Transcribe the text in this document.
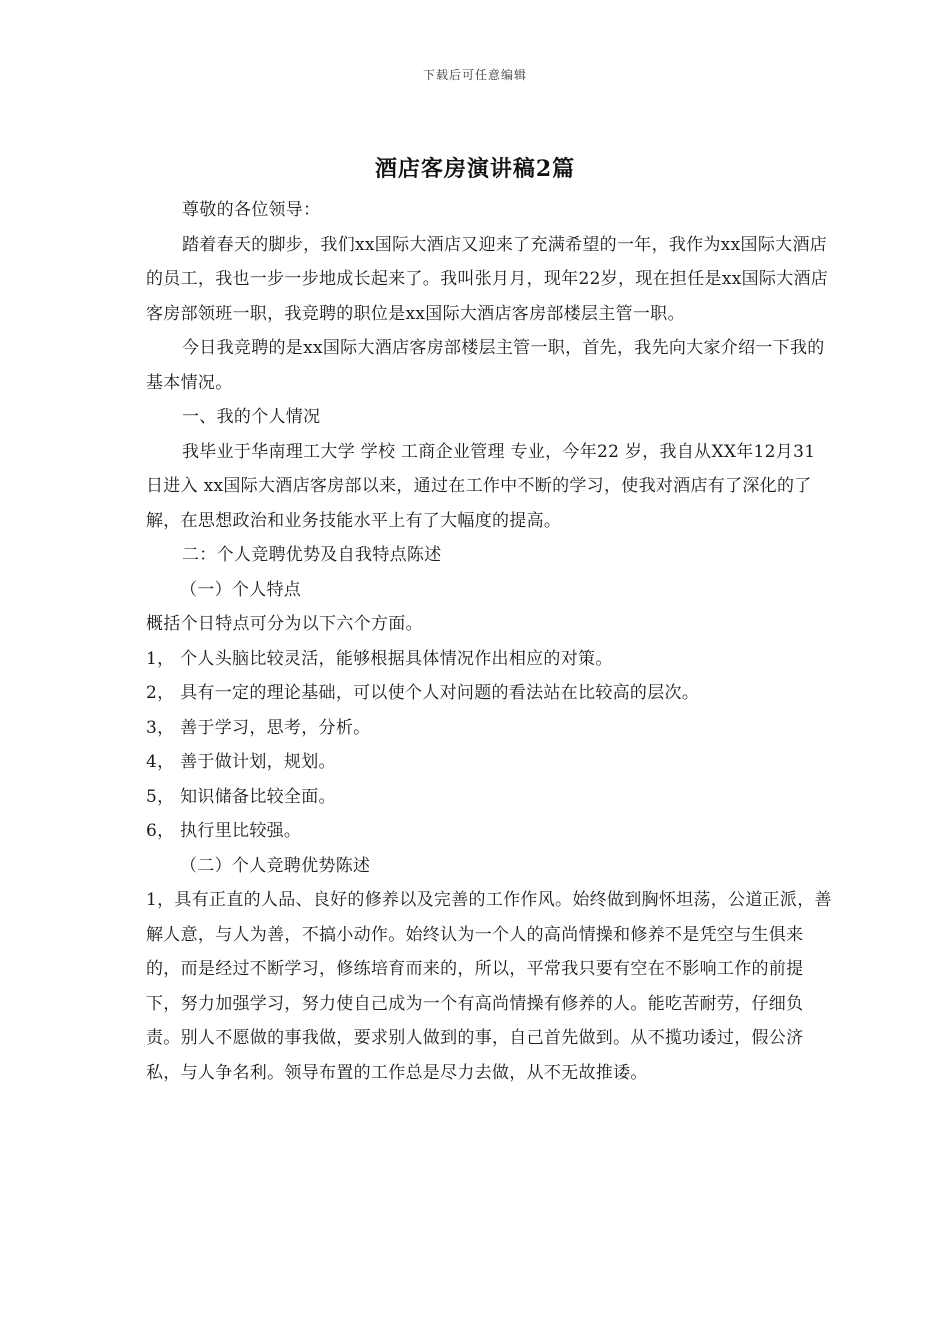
下载后可任意编辑
酒店客房演讲稿2篇

尊敬的各位领导：

踏着春天的脚步，我们xx国际大酒店又迎来了充满希望的一年，我作为xx国际大酒店的员工，我也一步一步地成长起来了。我叫张月月，现年22岁，现在担任是xx国际大酒店客房部领班一职，我竞聘的职位是xx国际大酒店客房部楼层主管一职。

今日我竞聘的是xx国际大酒店客房部楼层主管一职，首先，我先向大家介绍一下我的基本情况。

一、我的个人情况

我毕业于华南理工大学 学校 工商企业管理 专业，今年22 岁，我自从XX年12月31 日进入 xx国际大酒店客房部以来，通过在工作中不断的学习，使我对酒店有了深化的了解，在思想政治和业务技能水平上有了大幅度的提高。

二：个人竞聘优势及自我特点陈述

（一）个人特点

概括个日特点可分为以下六个方面。

1， 个人头脑比较灵活，能够根据具体情况作出相应的对策。

2， 具有一定的理论基础，可以使个人对问题的看法站在比较高的层次。

3， 善于学习，思考，分析。

4， 善于做计划，规划。

5， 知识储备比较全面。

6， 执行里比较强。

（二）个人竞聘优势陈述

1，具有正直的人品、良好的修养以及完善的工作作风。始终做到胸怀坦荡，公道正派，善解人意，与人为善，不搞小动作。始终认为一个人的高尚情操和修养不是凭空与生俱来的，而是经过不断学习，修练培育而来的，所以，平常我只要有空在不影响工作的前提下，努力加强学习，努力使自己成为一个有高尚情操有修养的人。能吃苦耐劳，仔细负责。别人不愿做的事我做，要求别人做到的事，自己首先做到。从不揽功诿过，假公济私，与人争名利。领导布置的工作总是尽力去做，从不无故推诿。
